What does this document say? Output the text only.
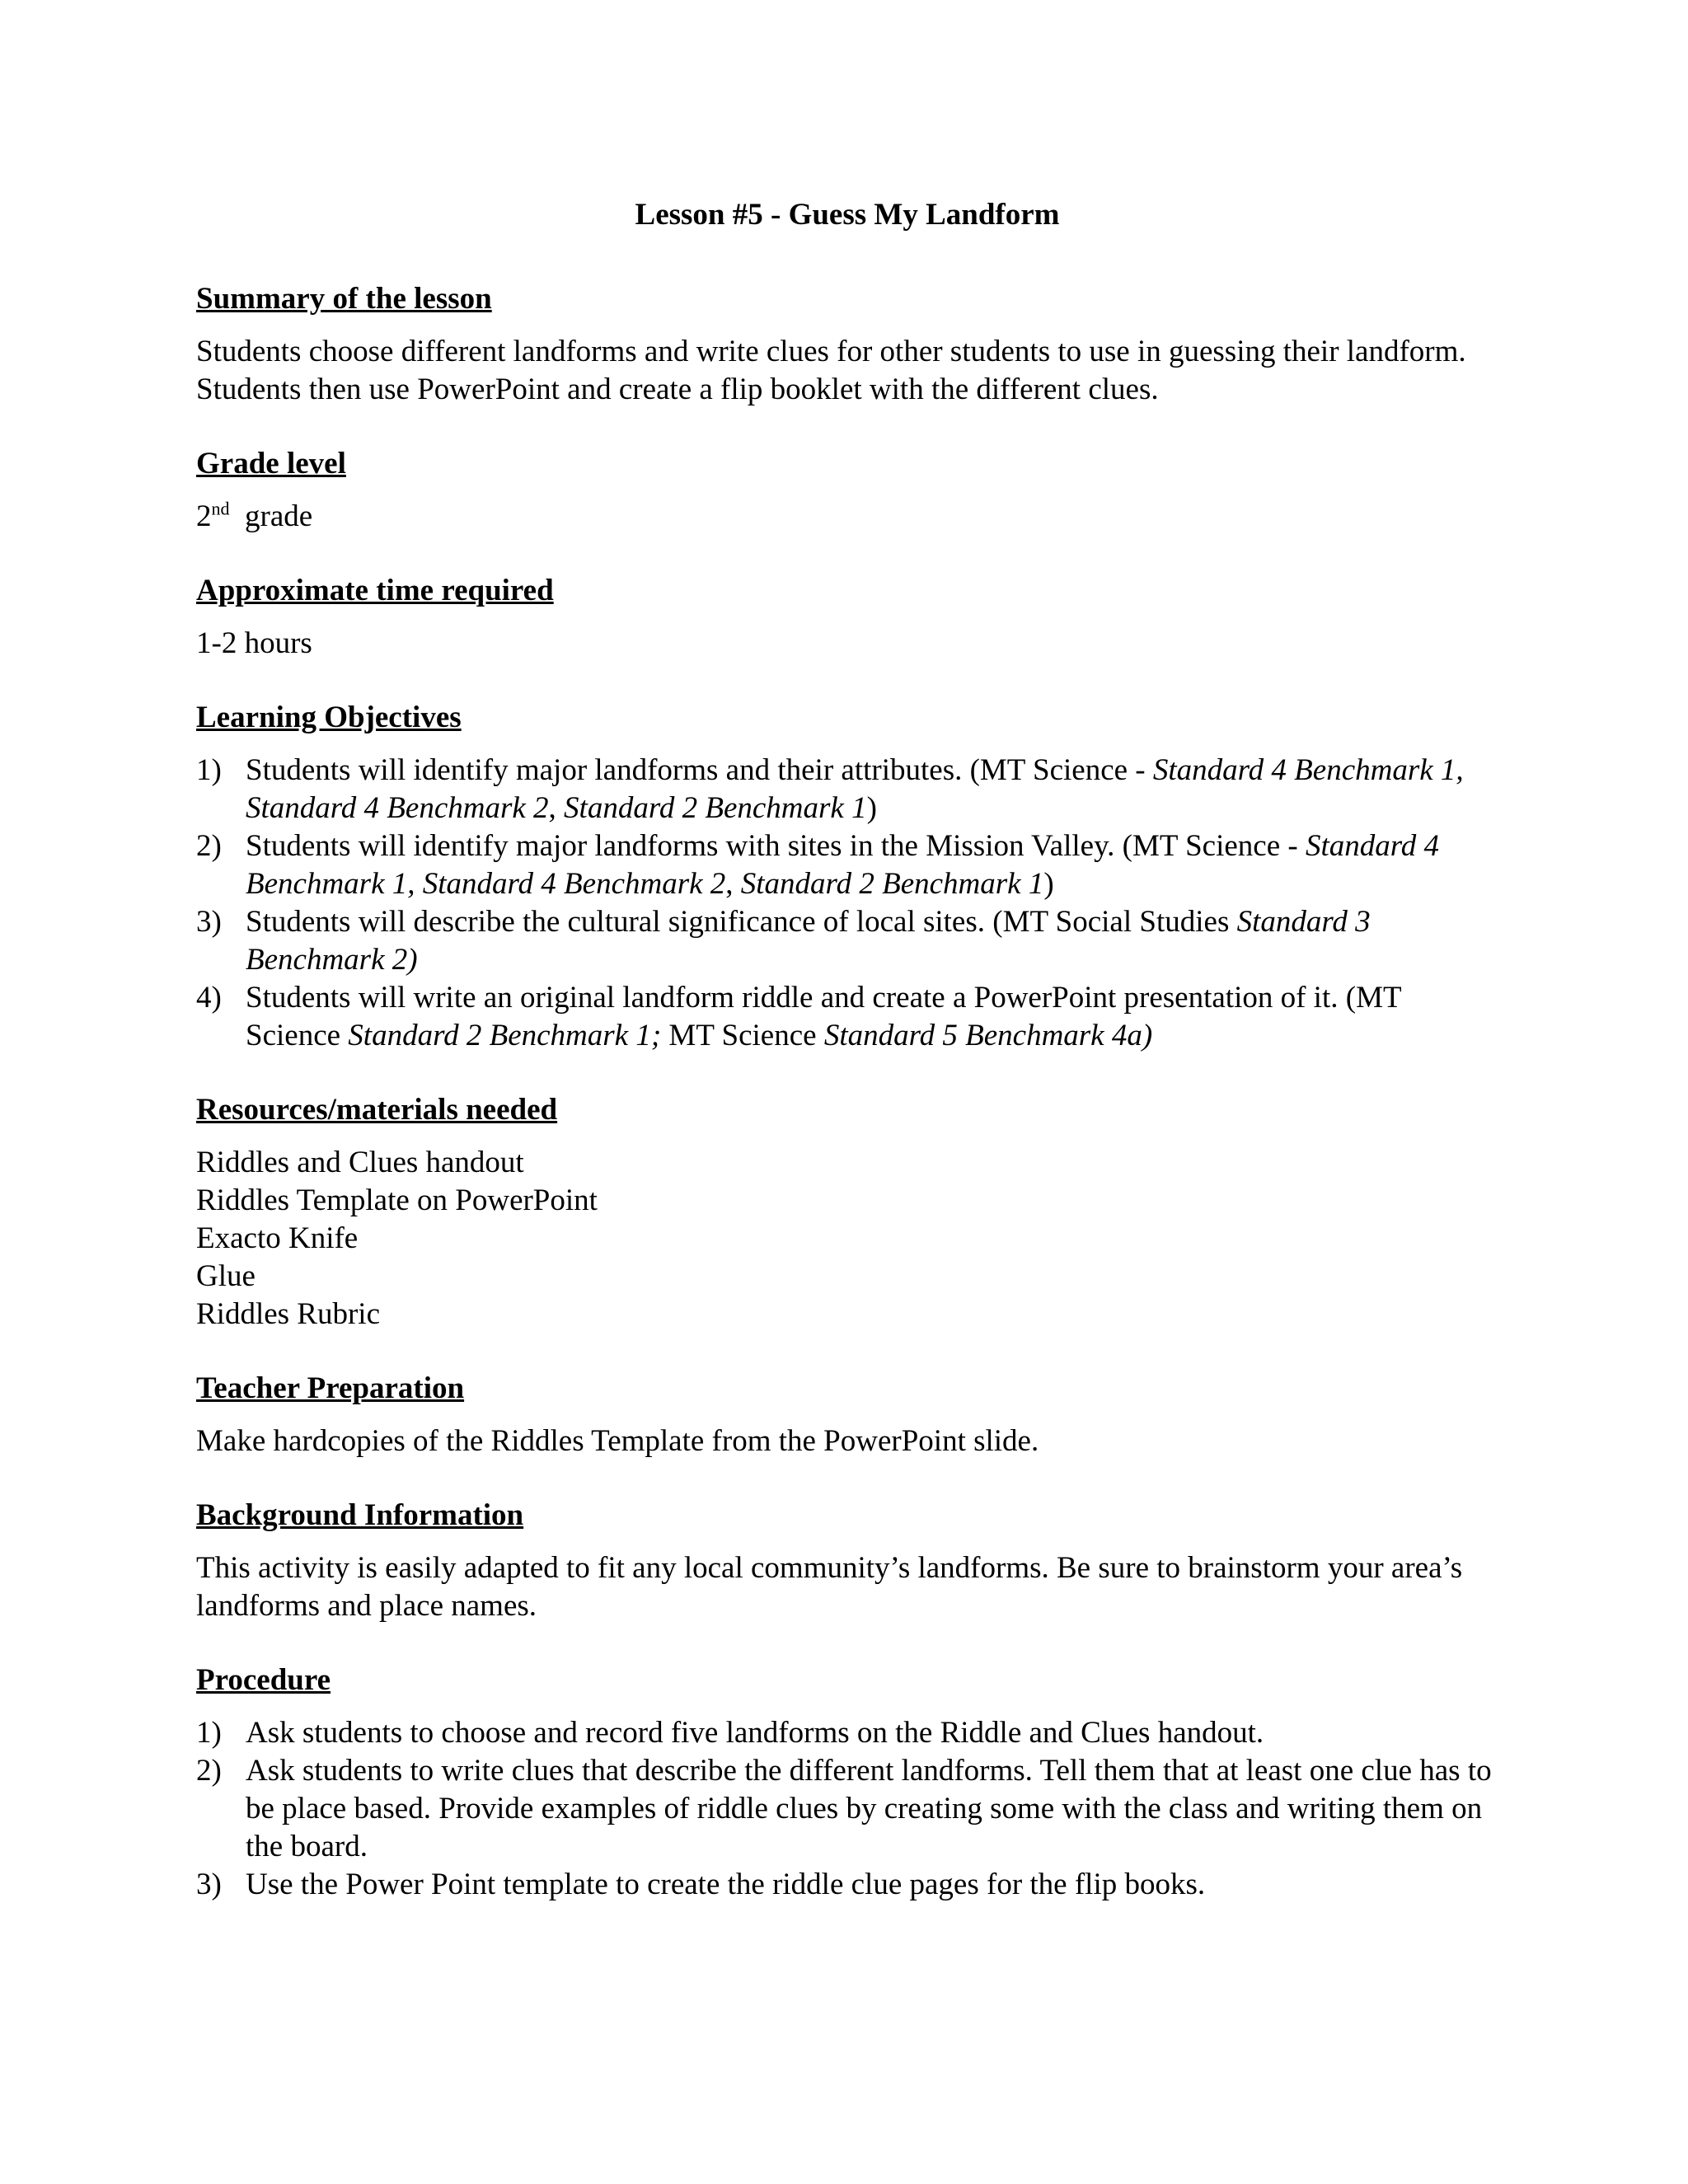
Lesson #5 - Guess My Landform
Summary of the lesson
Students choose different landforms and write clues for other students to use in guessing their landform. Students then use PowerPoint and create a flip booklet with the different clues.
Grade level
2nd grade
Approximate time required
1-2 hours
Learning Objectives
1) Students will identify major landforms and their attributes. (MT Science - Standard 4 Benchmark 1, Standard 4 Benchmark 2, Standard 2 Benchmark 1)
2) Students will identify major landforms with sites in the Mission Valley. (MT Science - Standard 4 Benchmark 1, Standard 4 Benchmark 2, Standard 2 Benchmark 1)
3) Students will describe the cultural significance of local sites. (MT Social Studies Standard 3 Benchmark 2)
4) Students will write an original landform riddle and create a PowerPoint presentation of it. (MT Science Standard 2 Benchmark 1; MT Science Standard 5 Benchmark 4a)
Resources/materials needed
Riddles and Clues handout
Riddles Template on PowerPoint
Exacto Knife
Glue
Riddles Rubric
Teacher Preparation
Make hardcopies of the Riddles Template from the PowerPoint slide.
Background Information
This activity is easily adapted to fit any local community’s landforms. Be sure to brainstorm your area’s landforms and place names.
Procedure
1) Ask students to choose and record five landforms on the Riddle and Clues handout.
2) Ask students to write clues that describe the different landforms. Tell them that at least one clue has to be place based. Provide examples of riddle clues by creating some with the class and writing them on the board.
3) Use the Power Point template to create the riddle clue pages for the flip books.
